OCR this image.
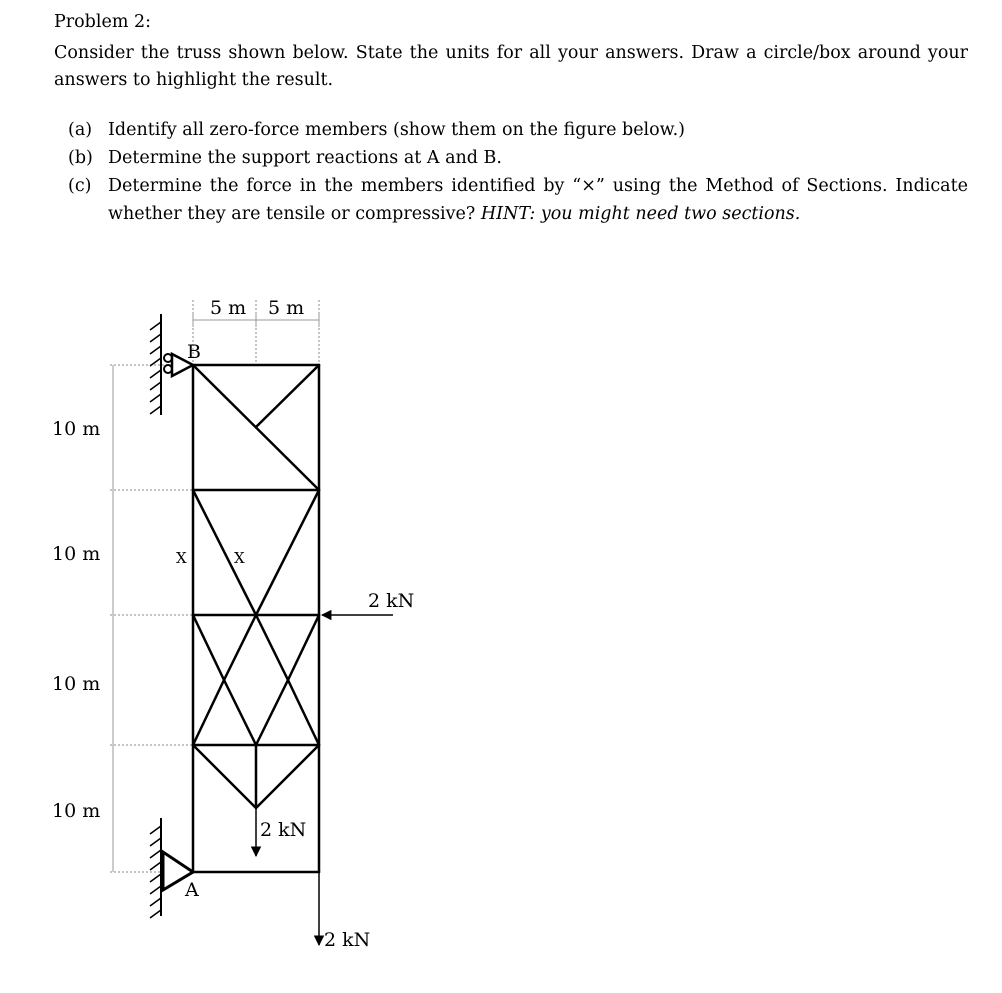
Problem 2:
Consider the truss shown below. State the units for all your answers. Draw a circle/box around your answers to highlight the result.
(a) Identify all zero-force members (show them on the figure below.)
(b) Determine the support reactions at A and B.
(c) Determine the force in the members identified by “×” using the Method of Sections. Indicate whether they are tensile or compressive? HINT: you might need two sections.
5 m 5 m
10 m
10 m
10 m
10 m
B
A
X	X
2 kN
2 kN
2 kN
